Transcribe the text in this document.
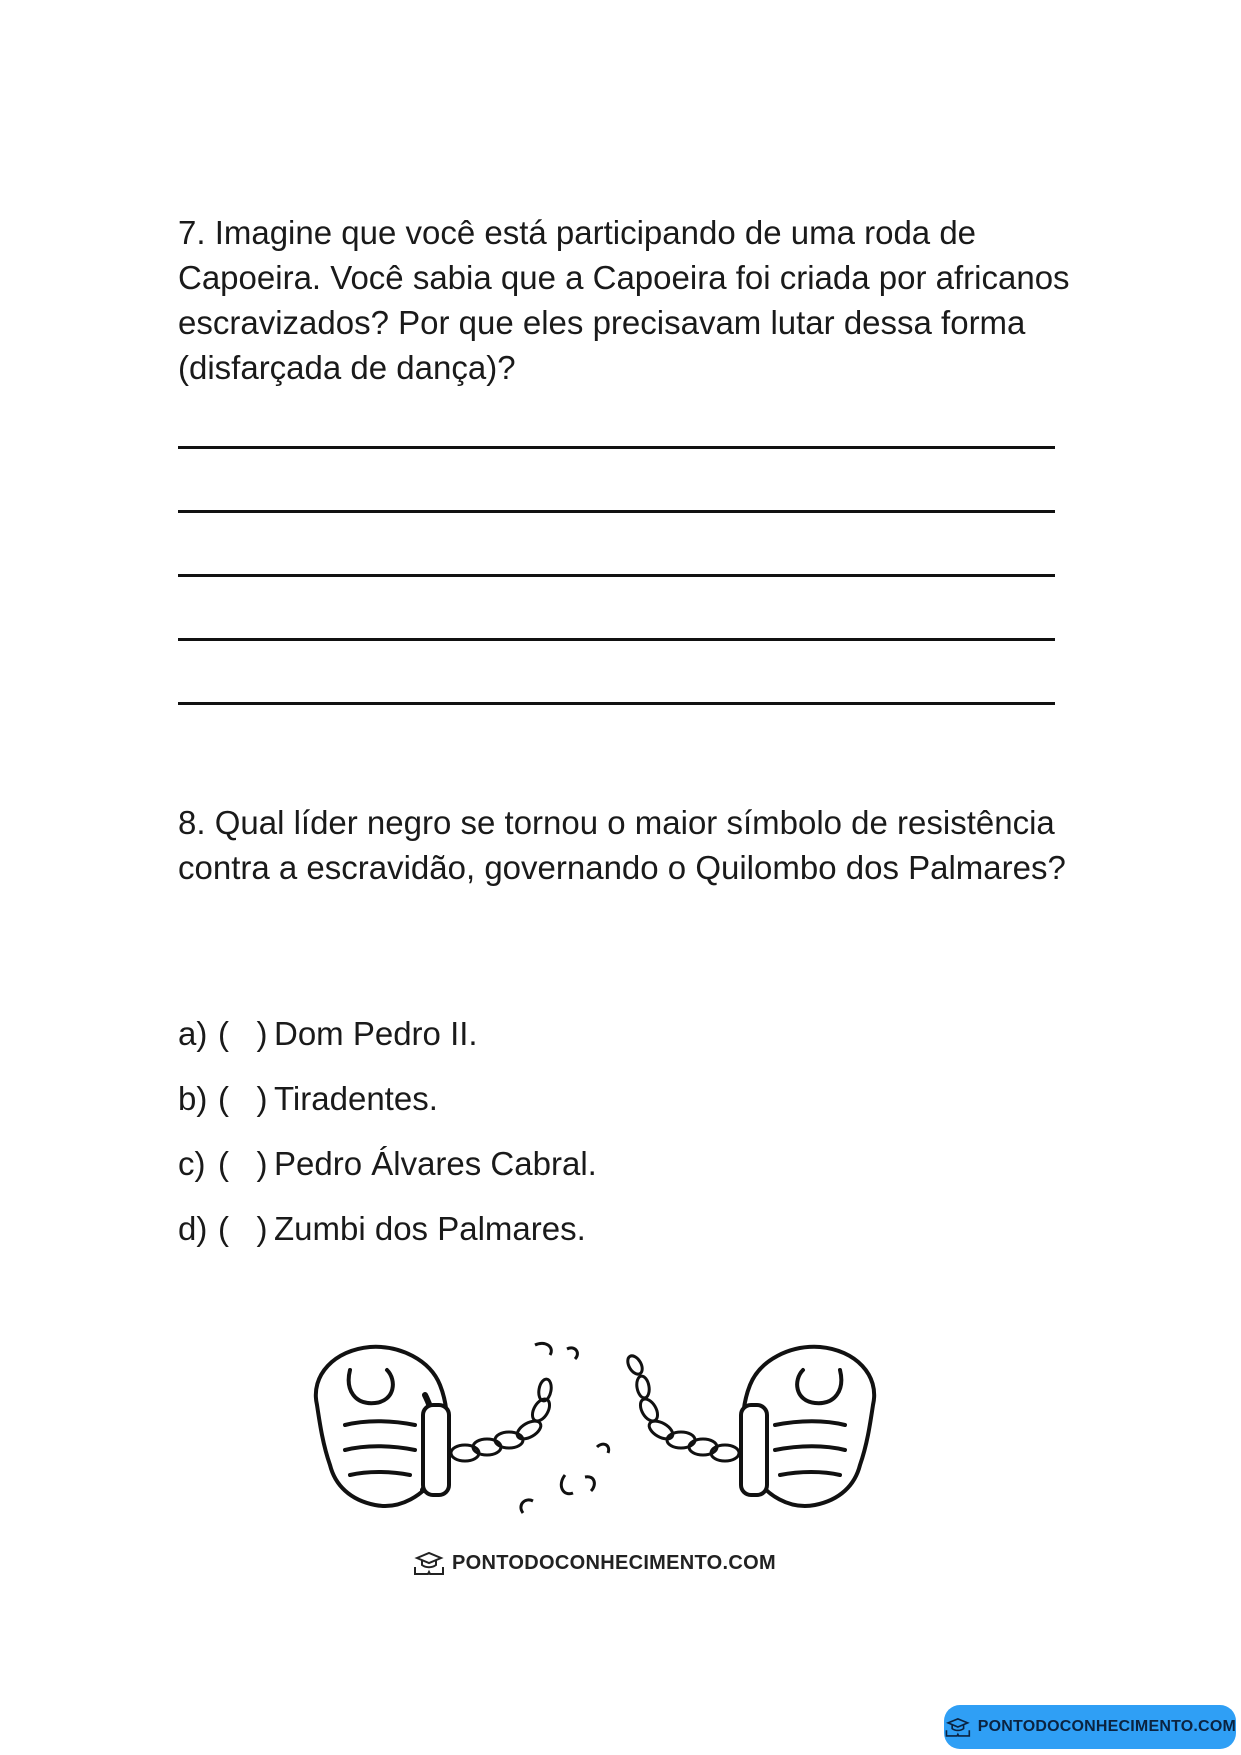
7. Imagine que você está participando de uma roda de Capoeira. Você sabia que a Capoeira foi criada por africanos escravizados? Por que eles precisavam lutar dessa forma (disfarçada de dança)?

8. Qual líder negro se tornou o maior símbolo de resistência contra a escravidão, governando o Quilombo dos Palmares?

a) (   ) Dom Pedro II.
b) (   ) Tiradentes.
c) (   ) Pedro Álvares Cabral.
d) (   ) Zumbi dos Palmares.
PONTODOCONHECIMENTO.COM
PONTODOCONHECIMENTO.COM
